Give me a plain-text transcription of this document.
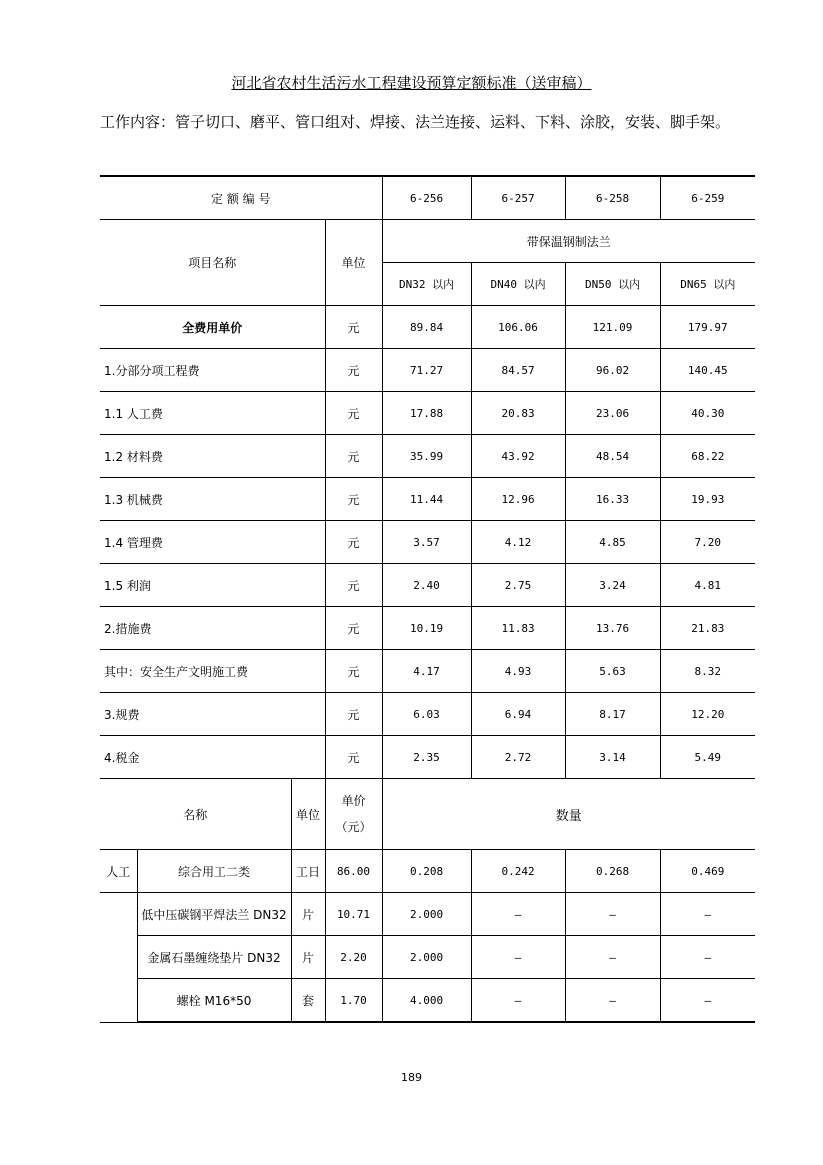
河北省农村生活污水工程建设预算定额标准（送审稿）
工作内容：管子切口、磨平、管口组对、焊接、法兰连接、运料、下料、涂胶，安装、脚手架。
定 额 编 号				6-256	6-257	6-258	6-259
项目名称			单位	带保温钢制法兰			
				DN32 以内	DN40 以内	DN50 以内	DN65 以内
全费用单价			元	89.84	106.06	121.09	179.97
1.分部分项工程费			元	71.27	84.57	96.02	140.45
1.1 人工费			元	17.88	20.83	23.06	40.30
1.2 材料费			元	35.99	43.92	48.54	68.22
1.3 机械费			元	11.44	12.96	16.33	19.93
1.4 管理费			元	3.57	4.12	4.85	7.20
1.5 利润			元	2.40	2.75	3.24	4.81
2.措施费			元	10.19	11.83	13.76	21.83
其中：安全生产文明施工费			元	4.17	4.93	5.63	8.32
3.规费			元	6.03	6.94	8.17	12.20
4.税金			元	2.35	2.72	3.14	5.49
名称		单位	单价
（元）	数量			
人工	综合用工二类	工日	86.00	0.208	0.242	0.268	0.469
	低中压碳钢平焊法兰 DN32	片	10.71	2.000	–	–	–
	金属石墨缠绕垫片 DN32	片	2.20	2.000	–	–	–
	螺栓 M16*50	套	1.70	4.000	–	–	–
189
